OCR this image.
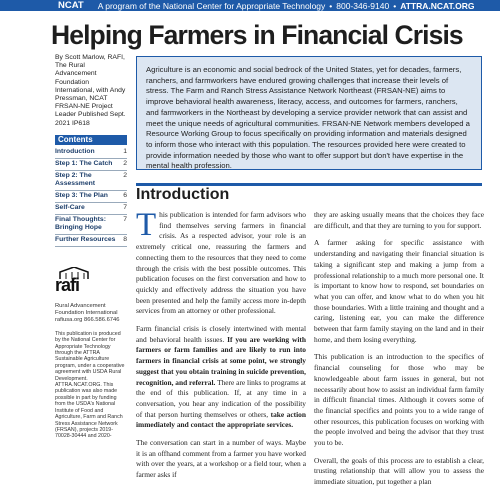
NCAT A program of the National Center for Appropriate Technology • 800-346-9140 • ATTRA.NCAT.ORG
Helping Farmers in Financial Crisis
By Scott Marlow, RAFI, The Rural Advancement Foundation International, with Andy Pressman, NCAT FRSAN-NE Project Leader Published Sept. 2021 IP618
Contents
Introduction	1
Step 1: The Catch 2
Step 2: The Assessment
2
Step 3: The Plan 6
Self-Care	7
Final Thoughts: Bringing Hope
7
Further Resources 8
rafi
Rural Advancement Foundation International rafiusa.org 866.586.6746
This publication is produced by the National Center for Appropriate Technology through the ATTRA Sustainable Agriculture program, under a cooperative agreement with USDA Rural Development. ATTRA.NCAT.ORG. This publication was also made possible in part by funding from the USDA's National Institute of Food and Agriculture, Farm and Ranch Stress Assistance Network (FRSAN), projects 2019-70028-30444 and 2020-
Agriculture is an economic and social bedrock of the United States, yet for decades, farmers, ranchers, and farmworkers have endured growing challenges that increase their levels of stress. The Farm and Ranch Stress Assistance Network Northeast (FRSAN-NE) aims to improve behavioral health awareness, literacy, access, and outcomes for farmers, ranchers, and farmworkers in the Northeast by developing a service provider network that can assist and meet the unique needs of agricultural communities. FRSAN-NE Network members developed a Resource Working Group to focus specifically on providing information and materials designed to inform those who interact with this population. The resources provided here were created to provide information needed by those who want to offer support but don't have expertise in the mental health profession.
Introduction

This publication is intended for farm advisors who find themselves serving farmers in financial crisis. As a respected advisor, your role is an extremely critical one, reassuring the farmers and connecting them to the resources that they need to come through the crisis with the best possible outcomes. This publication focuses on the first conversation and how to quickly and effectively address the situation you have been presented and help the family access more in-depth services from an attorney or other professional.

Farm financial crisis is closely intertwined with mental and behavioral health issues. If you are working with farmers or farm families and are likely to run into farmers in financial crisis at some point, we strongly suggest that you obtain training in suicide prevention, recognition, and referral. There are links to programs at the end of this publication. If, at any time in a conversation, you hear any indication of the possibility of that person hurting themselves or others, take action immediately and contact the appropriate services.

The conversation can start in a number of ways. Maybe it is an offhand comment from a farmer you have worked with over the years, at a workshop or a field tour, when a farmer asks if

they are asking usually means that the choices they face are difficult, and that they are turning to you for support.

A farmer asking for specific assistance with understanding and navigating their financial situation is taking a significant step and making a jump from a professional relationship to a much more personal one. It is important to know how to respond, set boundaries on what you can offer, and know what to do when you hit those boundaries. With a little training and thought and a caring, listening ear, you can make the difference between that farm family staying on the land and in their home, and them losing everything.

This publication is an introduction to the specifics of financial counseling for those who may be knowledgeable about farm issues in general, but not necessarily about how to assist an individual farm family in difficult financial times. Although it covers some of the financial specifics and points you to a wide range of other resources, this publication focuses on working with the people involved and being the advisor that they trust you to be.

Overall, the goals of this process are to establish a clear, trusting relationship that will allow you to assess the immediate situation, put together a plan
